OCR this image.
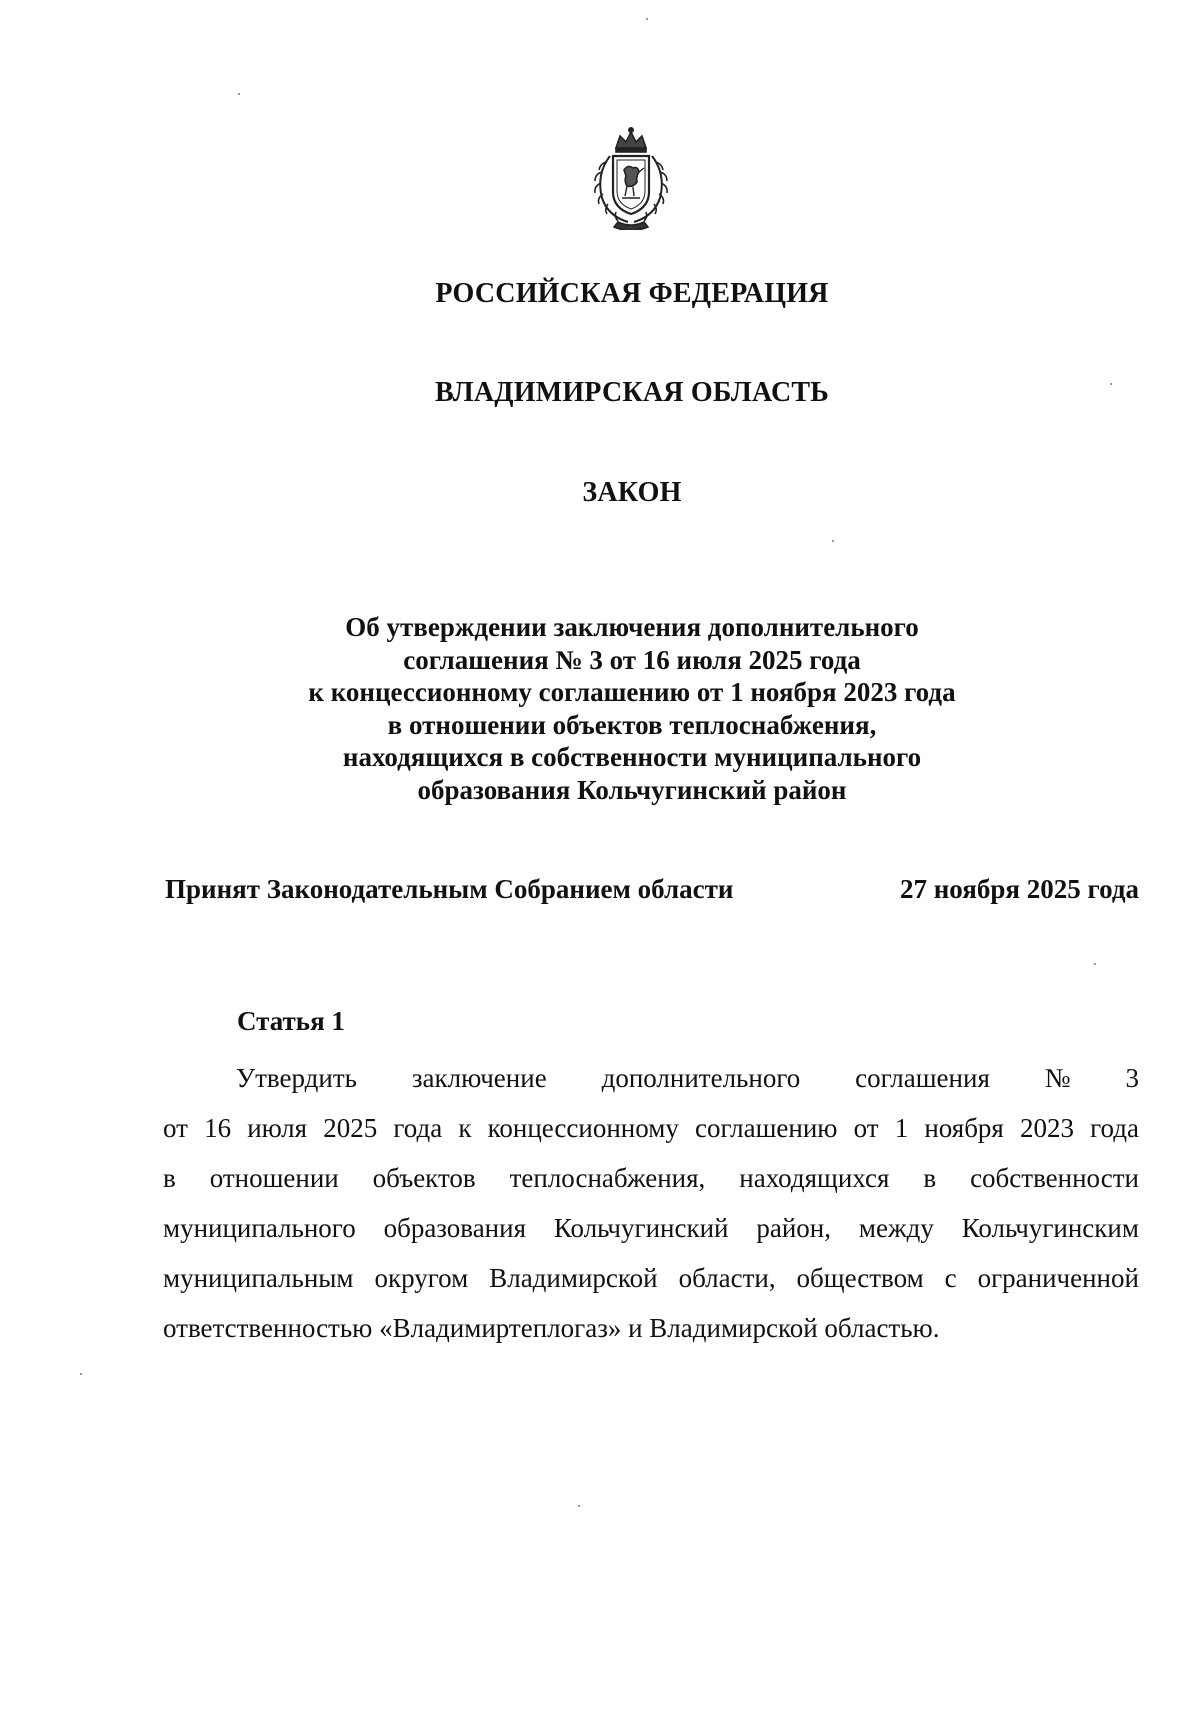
РОССИЙСКАЯ ФЕДЕРАЦИЯ
ВЛАДИМИРСКАЯ ОБЛАСТЬ
ЗАКОН
Об утверждении заключения дополнительного
соглашения № 3 от 16 июля 2025 года
к концессионному соглашению от 1 ноября 2023 года
в отношении объектов теплоснабжения,
находящихся в собственности муниципального
образования Кольчугинский район
Принят Законодательным Собранием области	27 ноября 2025 года
Статья 1
Утвердить заключение дополнительного соглашения № 3
от 16 июля 2025 года к концессионному соглашению от 1 ноября 2023 года
в отношении объектов теплоснабжения, находящихся в собственности
муниципального образования Кольчугинский район, между Кольчугинским
муниципальным округом Владимирской области, обществом с ограниченной
ответственностью «Владимиртеплогаз» и Владимирской областью.
